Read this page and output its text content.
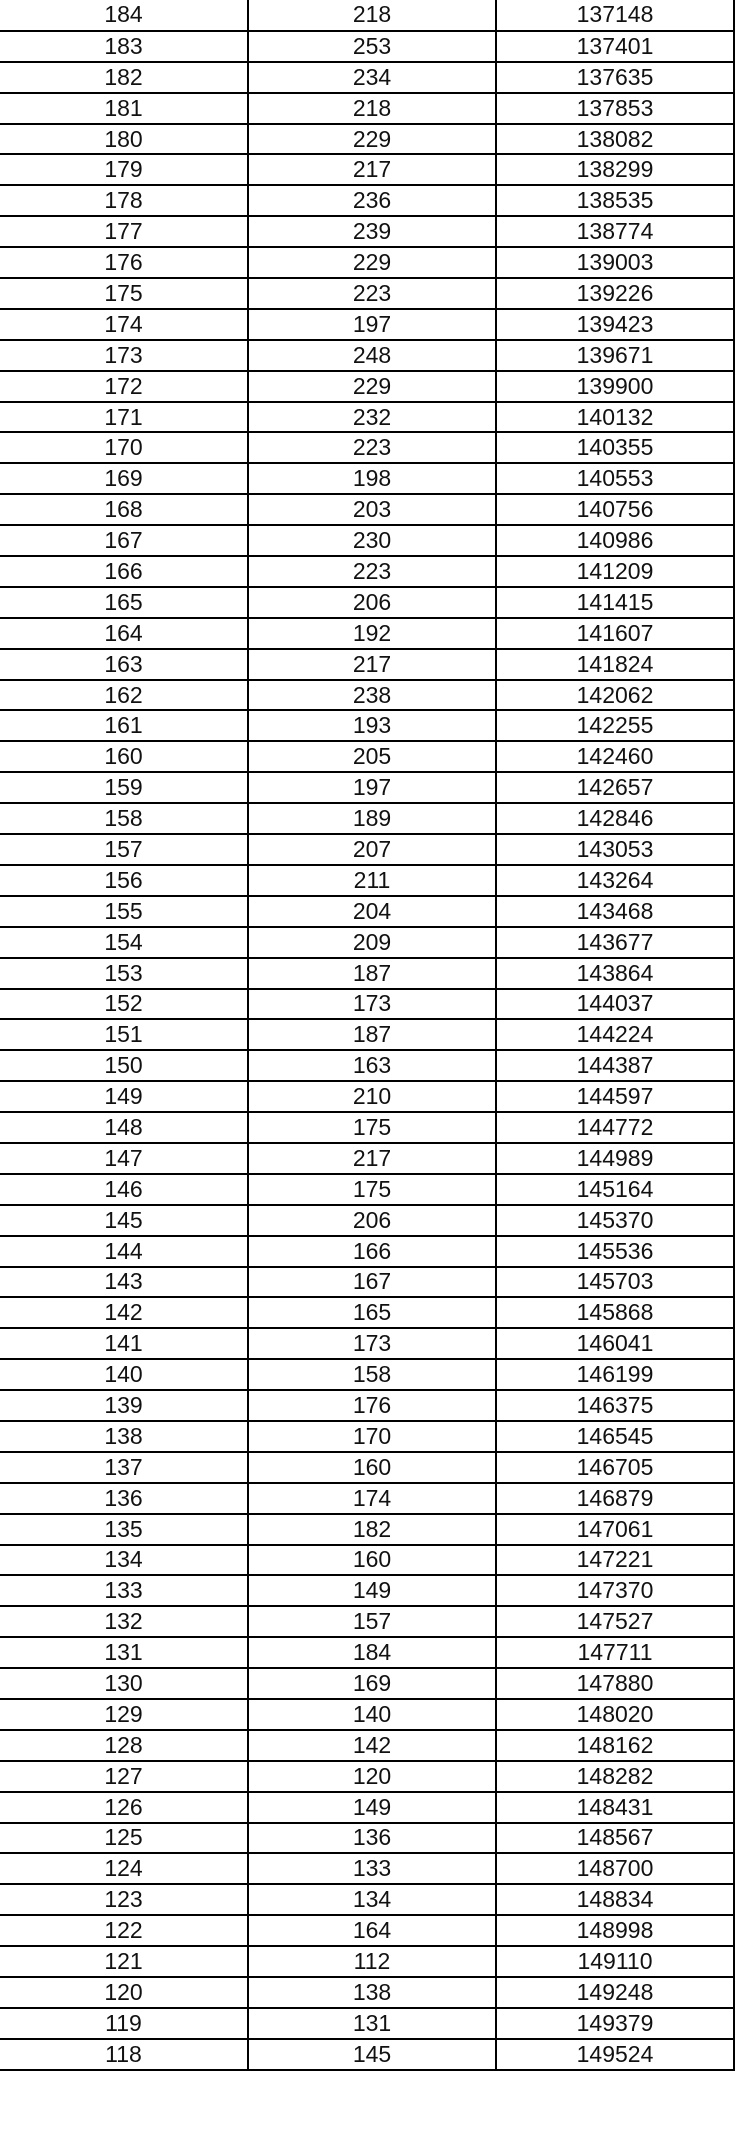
184	218	137148
183	253	137401
182	234	137635
181	218	137853
180	229	138082
179	217	138299
178	236	138535
177	239	138774
176	229	139003
175	223	139226
174	197	139423
173	248	139671
172	229	139900
171	232	140132
170	223	140355
169	198	140553
168	203	140756
167	230	140986
166	223	141209
165	206	141415
164	192	141607
163	217	141824
162	238	142062
161	193	142255
160	205	142460
159	197	142657
158	189	142846
157	207	143053
156	211	143264
155	204	143468
154	209	143677
153	187	143864
152	173	144037
151	187	144224
150	163	144387
149	210	144597
148	175	144772
147	217	144989
146	175	145164
145	206	145370
144	166	145536
143	167	145703
142	165	145868
141	173	146041
140	158	146199
139	176	146375
138	170	146545
137	160	146705
136	174	146879
135	182	147061
134	160	147221
133	149	147370
132	157	147527
131	184	147711
130	169	147880
129	140	148020
128	142	148162
127	120	148282
126	149	148431
125	136	148567
124	133	148700
123	134	148834
122	164	148998
121	112	149110
120	138	149248
119	131	149379
118	145	149524
